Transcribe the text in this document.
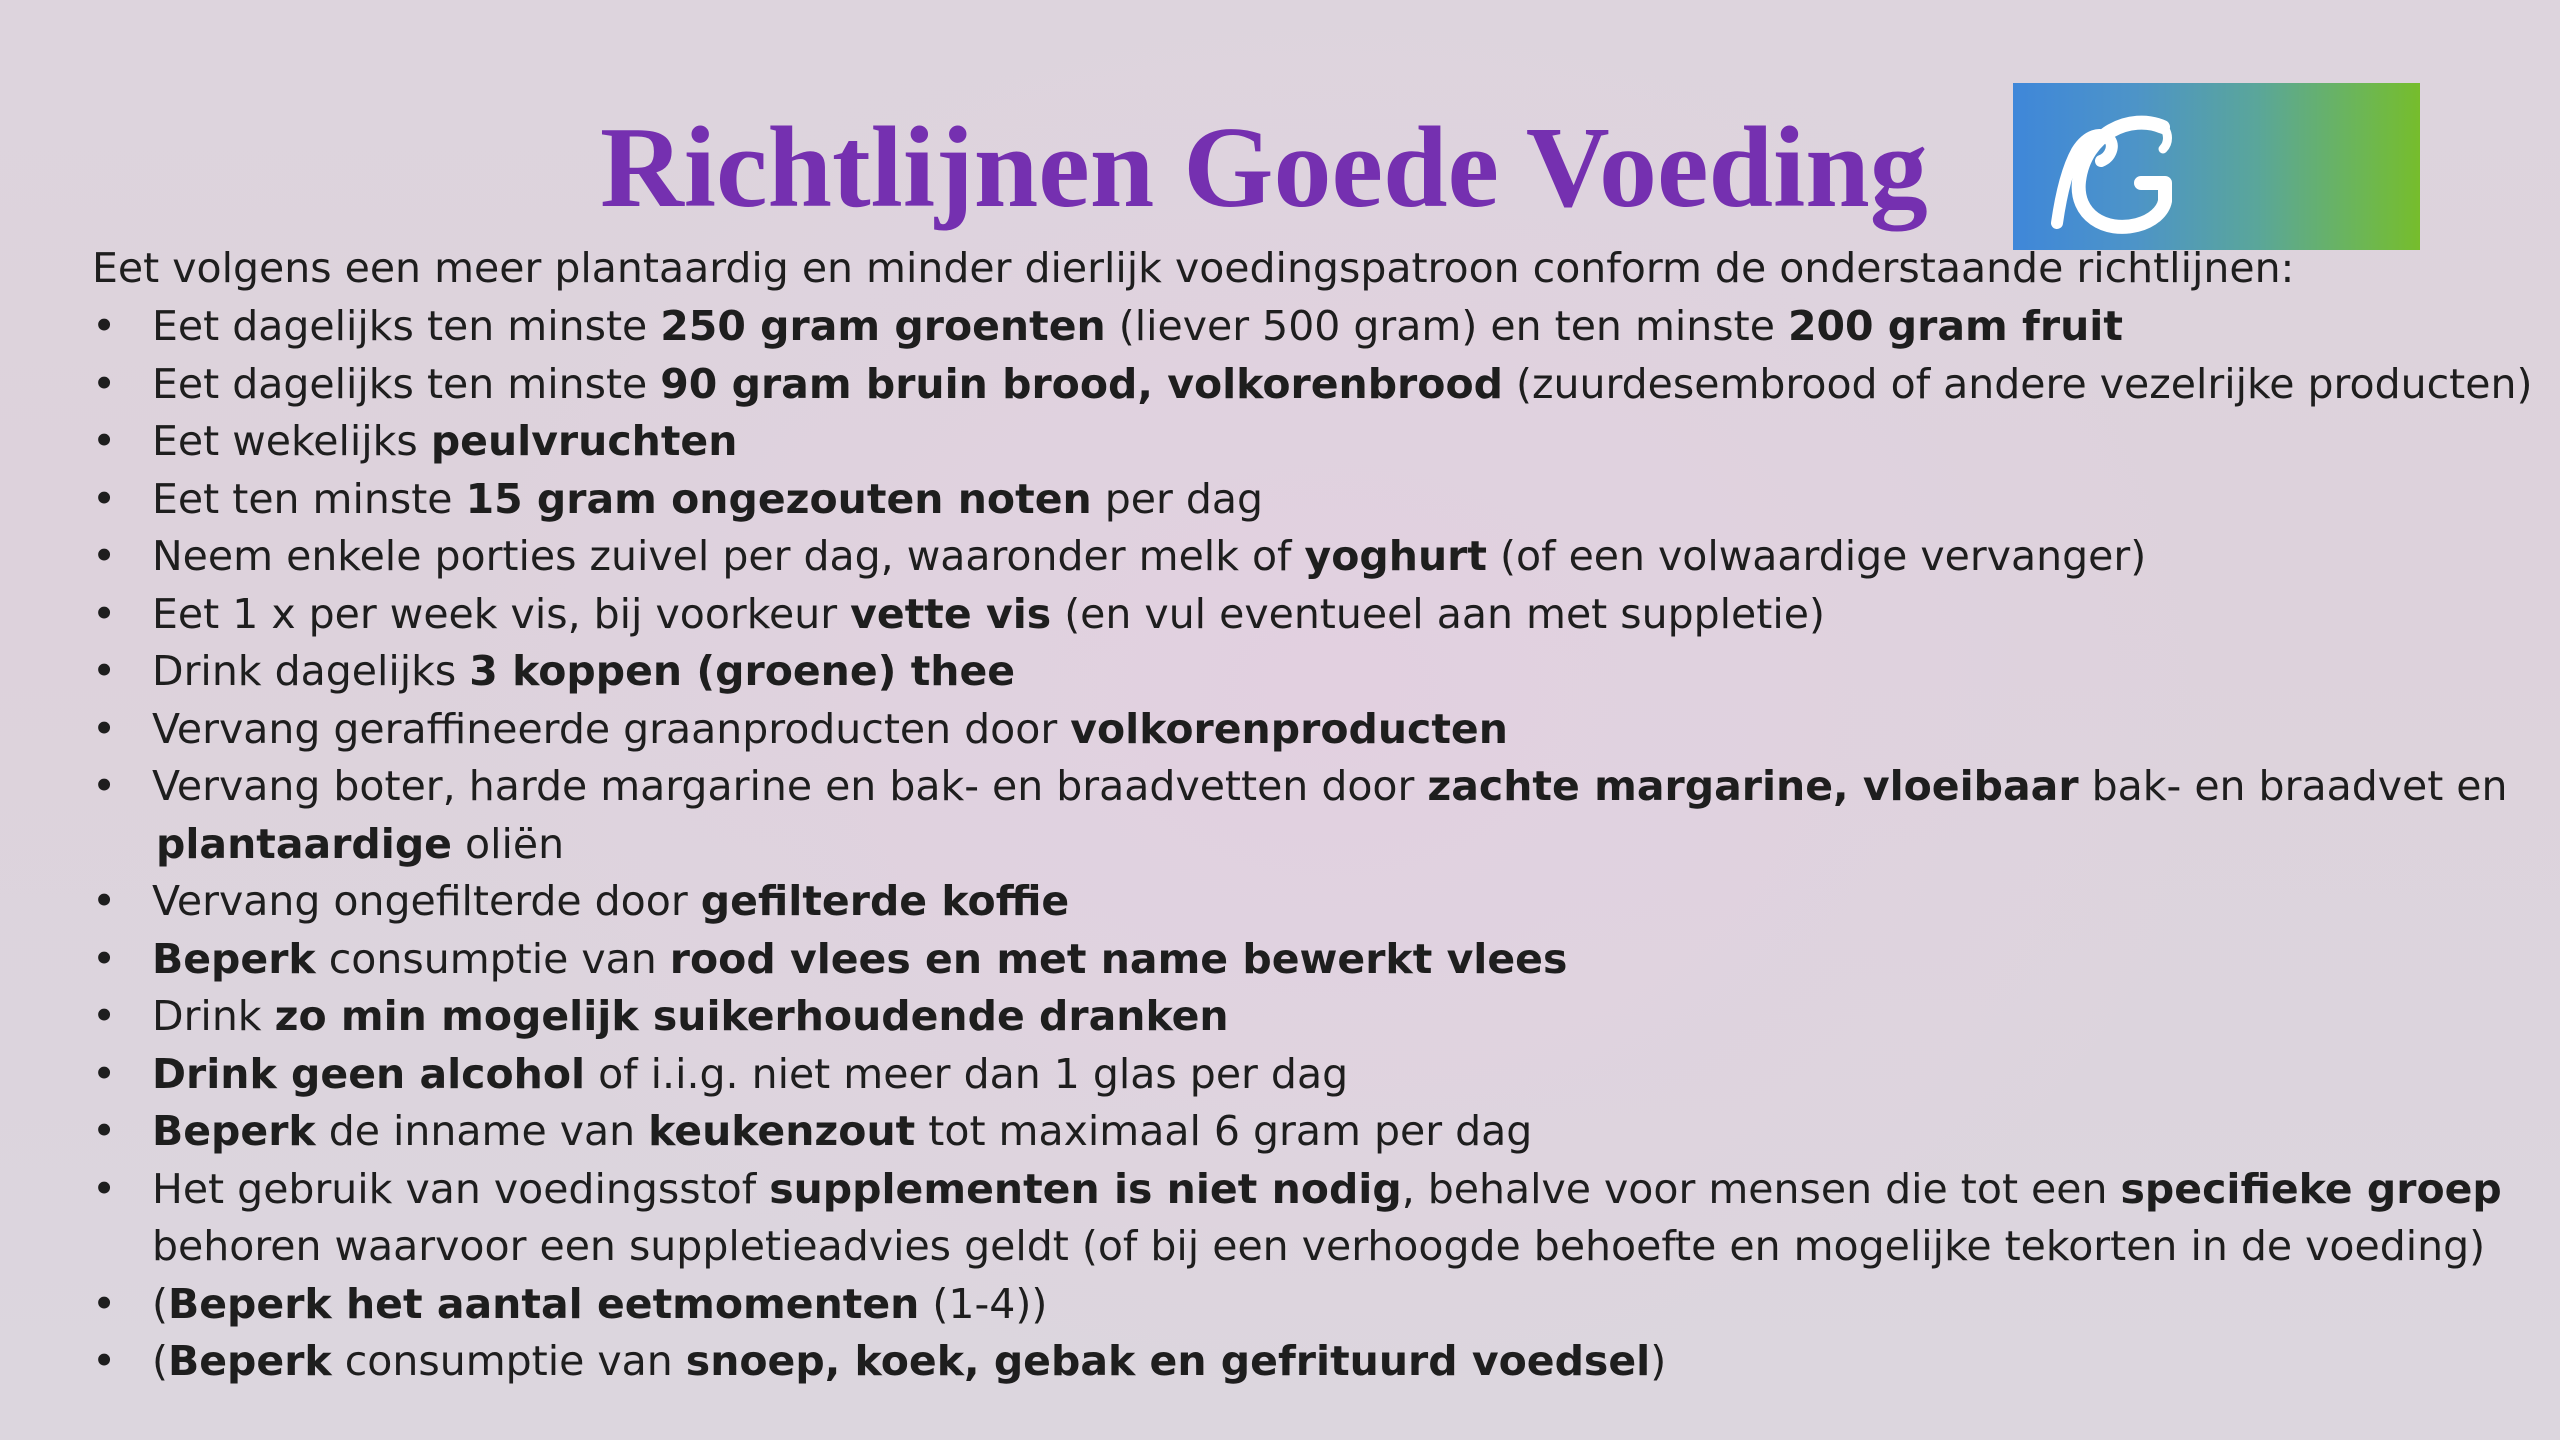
Richtlijnen Goede Voeding

Eet volgens een meer plantaardig en minder dierlijk voedingspatroon conform de onderstaande richtlijnen:

• Eet dagelijks ten minste 250 gram groenten (liever 500 gram) en ten minste 200 gram fruit
• Eet dagelijks ten minste 90 gram bruin brood, volkorenbrood (zuurdesembrood of andere vezelrijke producten)
• Eet wekelijks peulvruchten
• Eet ten minste 15 gram ongezouten noten per dag
• Neem enkele porties zuivel per dag, waaronder melk of yoghurt (of een volwaardige vervanger)
• Eet 1 x per week vis, bij voorkeur vette vis (en vul eventueel aan met suppletie)
• Drink dagelijks 3 koppen (groene) thee
• Vervang geraffineerde graanproducten door volkorenproducten
• Vervang boter, harde margarine en bak- en braadvetten door zachte margarine, vloeibaar bak- en braadvet en
plantaardige oliën
• Vervang ongefilterde door gefilterde koffie
• Beperk consumptie van rood vlees en met name bewerkt vlees
• Drink zo min mogelijk suikerhoudende dranken
• Drink geen alcohol of i.i.g. niet meer dan 1 glas per dag
• Beperk de inname van keukenzout tot maximaal 6 gram per dag
• Het gebruik van voedingsstof supplementen is niet nodig, behalve voor mensen die tot een specifieke groep
behoren waarvoor een suppletieadvies geldt (of bij een verhoogde behoefte en mogelijke tekorten in de voeding)
• (Beperk het aantal eetmomenten (1-4))
• (Beperk consumptie van snoep, koek, gebak en gefrituurd voedsel)
